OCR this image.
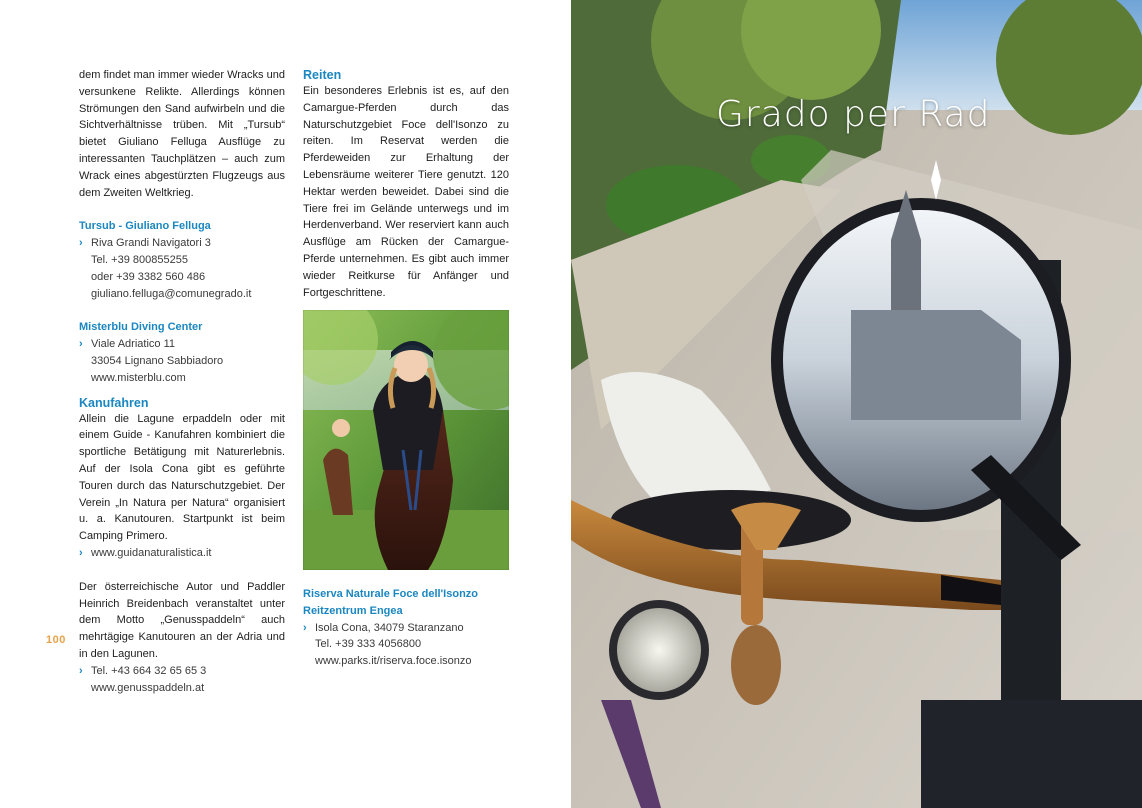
dem findet man immer wieder Wracks und versunkene Relikte. Allerdings können Strömungen den Sand aufwirbeln und die Sichtverhältnisse trüben. Mit „Tursub“ bietet Giuliano Felluga Ausflüge zu interessanten Tauchplätzen – auch zum Wrack eines abgestürzten Flugzeugs aus dem Zweiten Weltkrieg.

Tursub - Giuliano Felluga
› Riva Grandi Navigatori 3
Tel. +39 800855255
oder +39 3382 560 486
giuliano.felluga@comunegrado.it
Misterblu Diving Center
› Viale Adriatico 11
33054 Lignano Sabbiadoro
www.misterblu.com
Kanufahren

Allein die Lagune erpaddeln oder mit einem Guide - Kanufahren kombiniert die sportliche Betätigung mit Naturerlebnis. Auf der Isola Cona gibt es geführte Touren durch das Naturschutzgebiet. Der Verein „In Natura per Natura“ organisiert u. a. Kanutouren. Startpunkt ist beim Camping Primero.

› www.guidanaturalistica.it

Der österreichische Autor und Paddler Heinrich Breidenbach veranstaltet unter dem Motto „Genusspaddeln“ auch mehrtägige Kanutouren an der Adria und in den Lagunen.

› Tel. +43 664 32 65 65 3
www.genusspaddeln.at
Reiten

Ein besonderes Erlebnis ist es, auf den Camargue-Pferden durch das Naturschutzgebiet Foce dell'Isonzo zu reiten. Im Reservat werden die Pferdeweiden zur Erhaltung der Lebensräume weiterer Tiere genutzt. 120 Hektar werden beweidet. Dabei sind die Tiere frei im Gelände unterwegs und im Herdenverband. Wer reserviert kann auch Ausflüge am Rücken der Camargue-Pferde unternehmen. Es gibt auch immer wieder Reitkurse für Anfänger und Fortgeschrittene.

Riserva Naturale Foce dell'Isonzo
Reitzentrum Engea
› Isola Cona, 34079 Staranzano
Tel. +39 333 4056800
www.parks.it/riserva.foce.isonzo
100
Grado per Rad
